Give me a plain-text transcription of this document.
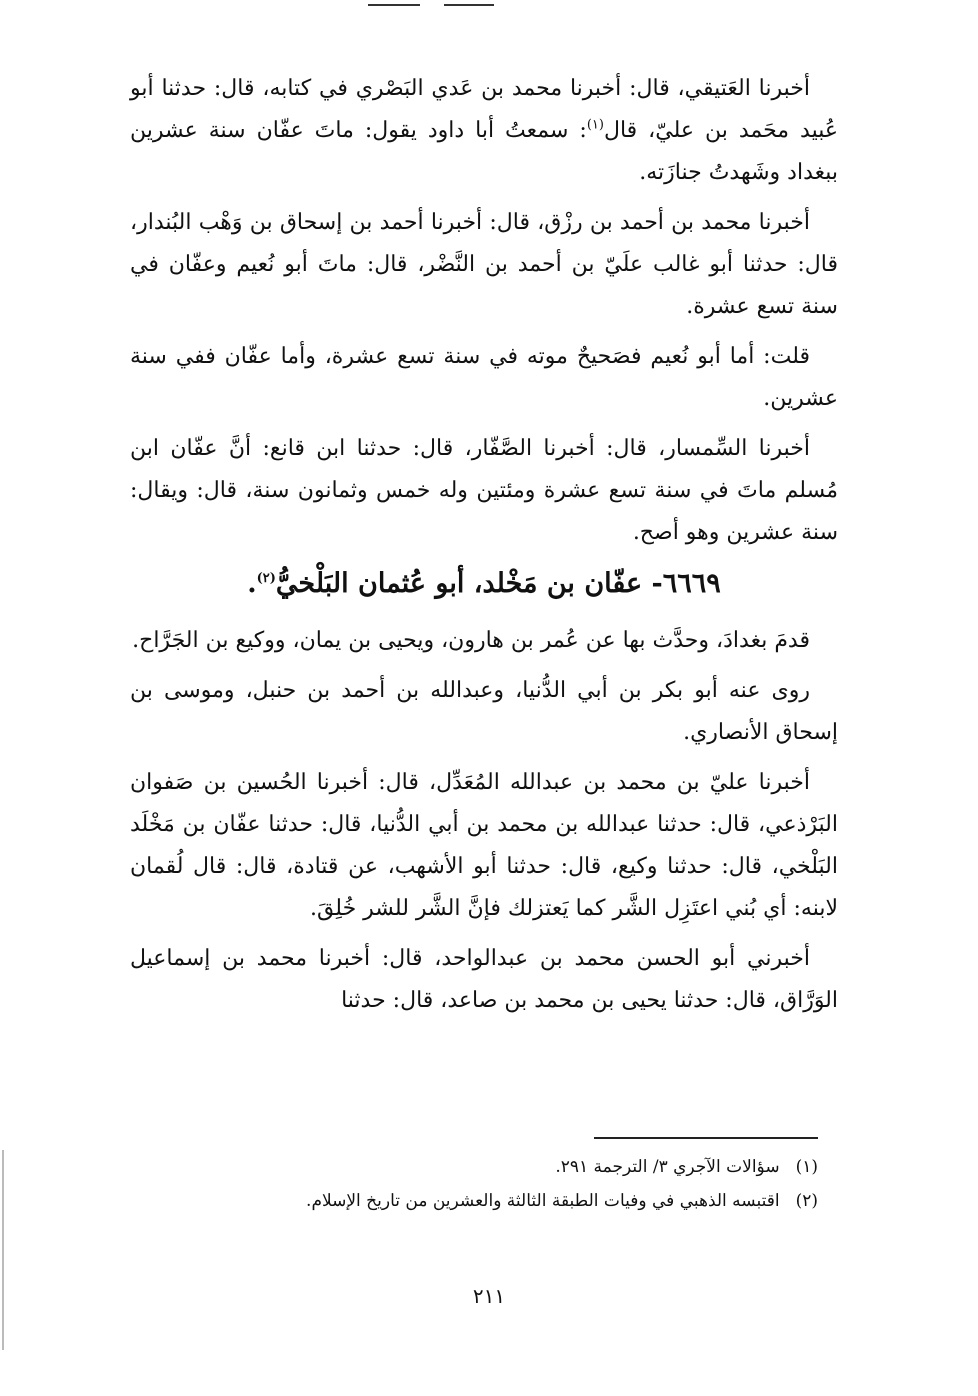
أخبرنا العَتيقي، قال: أخبرنا محمد بن عَدي البَصْري في كتابه، قال: حدثنا أبو عُبيد محَمد بن عليّ، قال$^{(١)}$: سمعتُ أبا داود يقول: ماتَ عفّان سنة عشرين ببغداد وشَهدتُ جنازَته.

أخبرنا محمد بن أحمد بن رزْق، قال: أخبرنا أحمد بن إسحاق بن وَهْب البُندار، قال: حدثنا أبو غالب علَيّ بن أحمد بن النَّضْر، قال: ماتَ أبو نُعيم وعفّان في سنة تسع عشرة.

قلت: أما أبو نُعيم فصَحيحٌ موته في سنة تسع عشرة، وأما عفّان ففي سنة عشرين.

أخبرنا السِّمسار، قال: أخبرنا الصَّفّار، قال: حدثنا ابن قانع: أنَّ عفّان ابن مُسلم ماتَ في سنة تسع عشرة ومئتين وله خمس وثمانون سنة، قال: ويقال: سنة عشرين وهو أصح.

٦٦٦٩- عفّان بن مَخْلد، أبو عُثمان البَلْخيُّ$^{(٢)}$.

قدمَ بغدادَ، وحدَّث بها عن عُمر بن هارون، ويحيى بن يمان، ووكيع بن الجَرَّاح.

روى عنه أبو بكر بن أبي الدُّنيا، وعبدالله بن أحمد بن حنبل، وموسى بن إسحاق الأنصاري.

أخبرنا عليّ بن محمد بن عبدالله المُعَدِّل، قال: أخبرنا الحُسين بن صَفوان البَرْذعي، قال: حدثنا عبدالله بن محمد بن أبي الدُّنيا، قال: حدثنا عفّان بن مَخْلَد البَلْخي، قال: حدثنا وكيع، قال: حدثنا أبو الأشهب، عن قتادة، قال: قال لُقمان لابنه: أي بُني اعتَزِل الشَّر كما يَعتزلك فإنَّ الشَّر للشر خُلِقَ.

أخبرني أبو الحسن محمد بن عبدالواحد، قال: أخبرنا محمد بن إسماعيل الوَرَّاق، قال: حدثنا يحيى بن محمد بن صاعد، قال: حدثنا

(١)سؤالات الآجري ٣/ الترجمة ٢٩١.

(٢)اقتبسه الذهبي في وفيات الطبقة الثالثة والعشرين من تاريخ الإسلام.

٢١١
